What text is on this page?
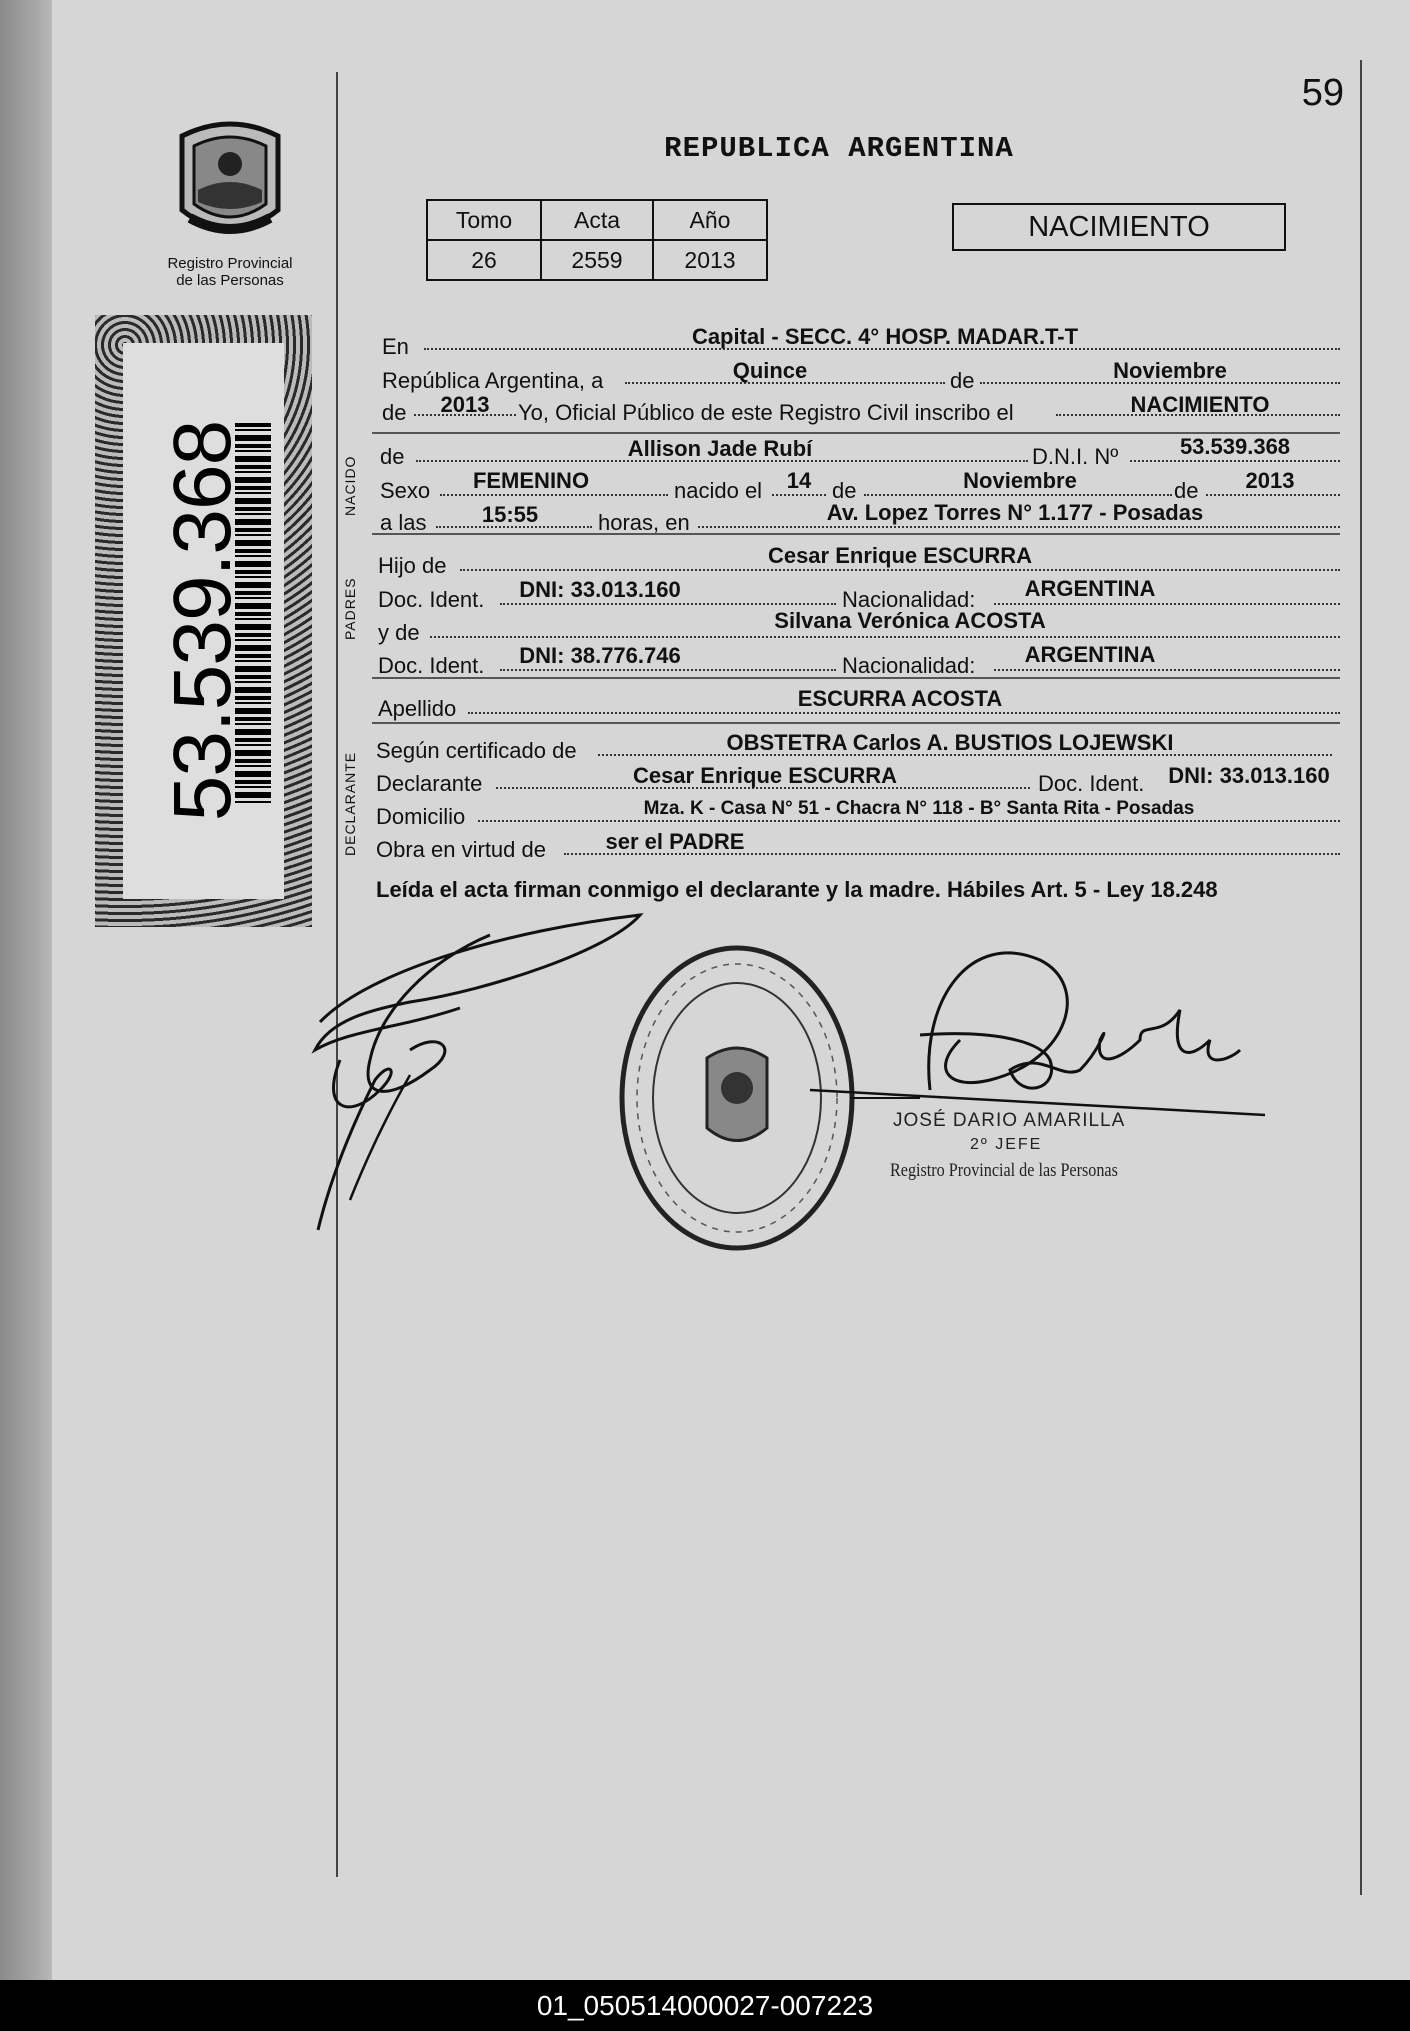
59
REPUBLICA ARGENTINA
Tomo	Acta	Año
26	2559	2013
NACIMIENTO
Registro Provincial
de las Personas
53.539.368	NACIDO
PADRES
DECLARANTE
En	Capital - SECC. 4° HOSP. MADAR.T-T
República Argentina, a	Quince	de	Noviembre
de	2013	Yo, Oficial Público de este Registro Civil inscribo el	NACIMIENTO
de	Allison Jade Rubí	D.N.I. Nº	53.539.368
Sexo	FEMENINO	nacido el	14 de	Noviembre	de	2013
a las	15:55	horas, en	Av. Lopez Torres N° 1.177 - Posadas
Hijo de	Cesar Enrique ESCURRA
Doc. Ident.	DNI: 33.013.160	Nacionalidad:	ARGENTINA
y de	Silvana Verónica ACOSTA
Doc. Ident.	DNI: 38.776.746	Nacionalidad:	ARGENTINA
Apellido	ESCURRA ACOSTA
Según certificado de	OBSTETRA Carlos A. BUSTIOS LOJEWSKI
Declarante	Cesar Enrique ESCURRA	Doc. Ident.	DNI: 33.013.160
Domicilio	Mza. K - Casa N° 51 - Chacra N° 118 - B° Santa Rita - Posadas
Obra en virtud de	ser el PADRE
Leída el acta firman conmigo el declarante y la madre. Hábiles Art. 5 - Ley 18.248
JOSÉ DARIO AMARILLA
2º JEFE
Registro Provincial de las Personas
01_050514000027-007223
